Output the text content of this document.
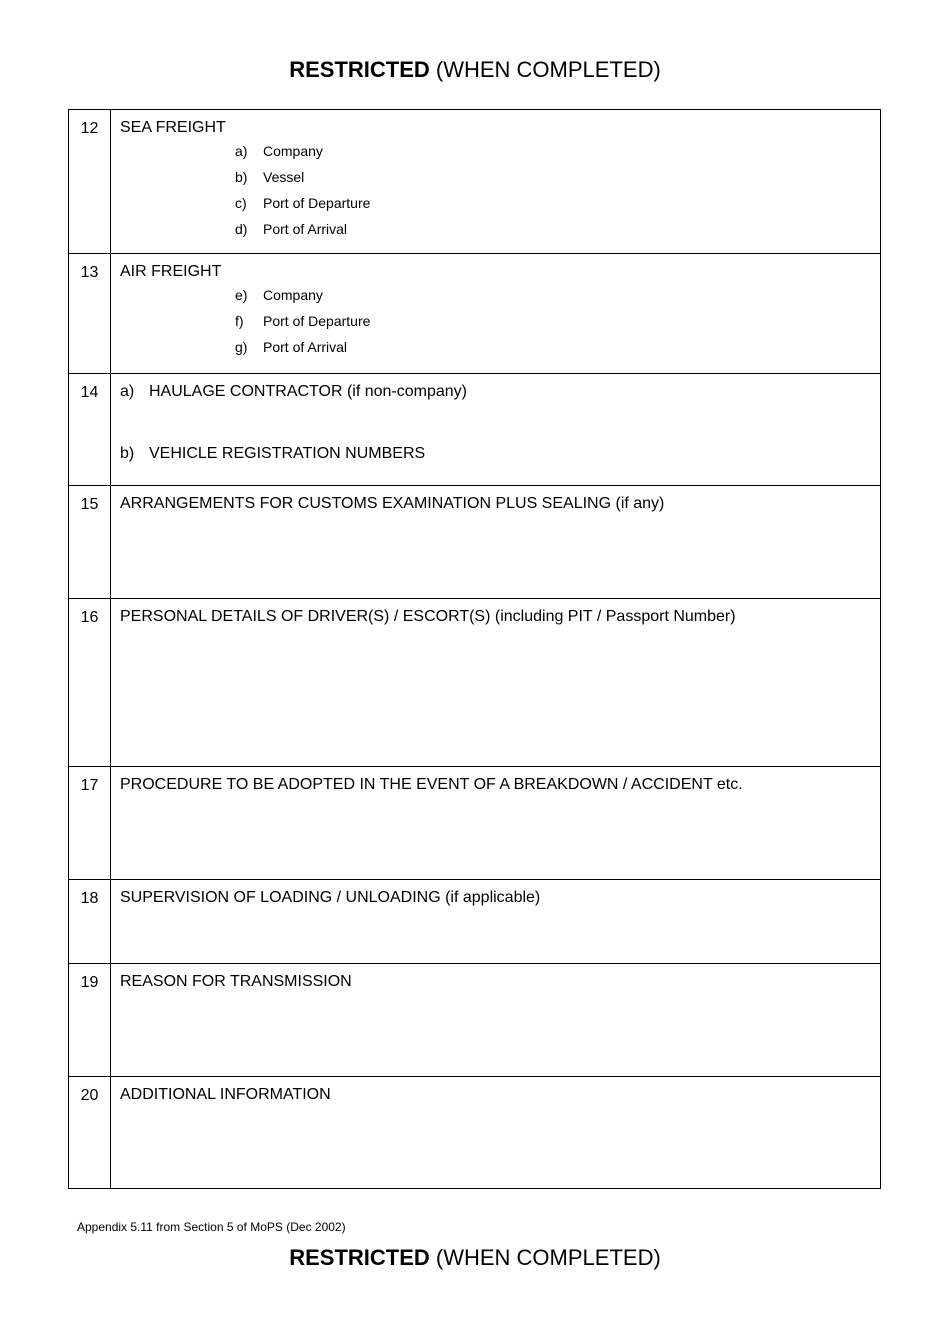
RESTRICTED (WHEN COMPLETED)
12	SEA FREIGHT
a) Company
b) Vessel
c) Port of Departure
d) Port of Arrival

13	AIR FREIGHT
e) Company
f) Port of Departure
g) Port of Arrival

14	a) HAULAGE CONTRACTOR (if non-company)
b) VEHICLE REGISTRATION NUMBERS

15	ARRANGEMENTS FOR CUSTOMS EXAMINATION PLUS SEALING (if any)

16	PERSONAL DETAILS OF DRIVER(S) / ESCORT(S) (including PIT / Passport Number)

17	PROCEDURE TO BE ADOPTED IN THE EVENT OF A BREAKDOWN / ACCIDENT etc.

18	SUPERVISION OF LOADING / UNLOADING (if applicable)

19	REASON FOR TRANSMISSION

20	ADDITIONAL INFORMATION
Appendix 5.11 from Section 5 of MoPS (Dec 2002)
RESTRICTED (WHEN COMPLETED)
